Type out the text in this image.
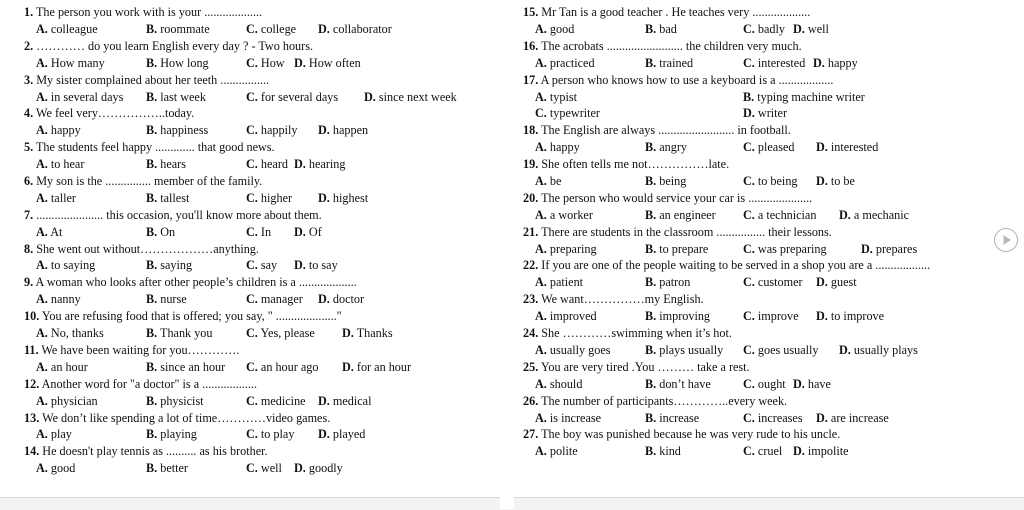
1. The person you work with is your ...................
A. colleague	B. roommate	C. college D. collaborator
2. ………… do you learn English every day ? - Two hours.
A. How many	B. How long	C. How D. How often
3. My sister complained about her teeth ................
A. in several days B. last week	C. for several days D. since next week
4. We feel very……………..today.
A. happy	B. happiness	C. happily D. happen
5. The students feel happy ............. that good news.
A. to hear	B. hears	C. heard D. hearing
6. My son is the ............... member of the family.
A. taller	B. tallest	C. higher D. highest
7. ...................... this occasion, you'll know more about them.
A. At	B. On	C. In D. Of
8. She went out without………………anything.
A. to saying	B. saying	C. say D. to say
9. A woman who looks after other people’s children is a ...................
A. nanny	B. nurse	C. manager D. doctor
10. You are refusing food that is offered; you say, " ...................."
A. No, thanks	B. Thank you	C. Yes, please D. Thanks
11. We have been waiting for you………….
A. an hour	B. since an hour C. an hour ago D. for an hour
12. Another word for "a doctor" is a ..................
A. physician	B. physicist	C. medicine D. medical
13. We don’t like spending a lot of time…………video games.
A. play	B. playing	C. to play D. played
14. He doesn't play tennis as .......... as his brother.
A. good	B. better	C. well D. goodly
15. Mr Tan is a good teacher . He teaches very ...................
A. good	B. bad	C. badly D. well
16. The acrobats ......................... the children very much.
A. practiced	B. trained	C. interested D. happy
17. A person who knows how to use a keyboard is a ..................
A. typist	B. typing machine writer
C. typewriter	D. writer
18. The English are always ......................... in football.
A. happy	B. angry	C. pleased D. interested
19. She often tells me not……………late.
A. be	B. being	C. to being D. to be
20. The person who would service your car is .....................
A. a worker	B. an engineer C. a technician D. a mechanic
21. There are students in the classroom ................ their lessons.
A. preparing	B. to prepare	C. was preparing	D. prepares
22. If you are one of the people waiting to be served in a shop you are a ..................
A. patient	B. patron	C. customer D. guest
23. We want……………my English.
A. improved	B. improving	C. improve D. to improve
24. She …………swimming when it’s hot.
A. usually goes	B. plays usually C. goes usually D. usually plays
25. You are very tired .You ……… take a rest.
A. should	B. don’t have	C. ought D. have
26. The number of participants…………..every week.
A. is increase	B. increase	C. increases D. are increase
27. The boy was punished because he was very rude to his uncle.
A. polite	B. kind	C. cruel D. impolite
